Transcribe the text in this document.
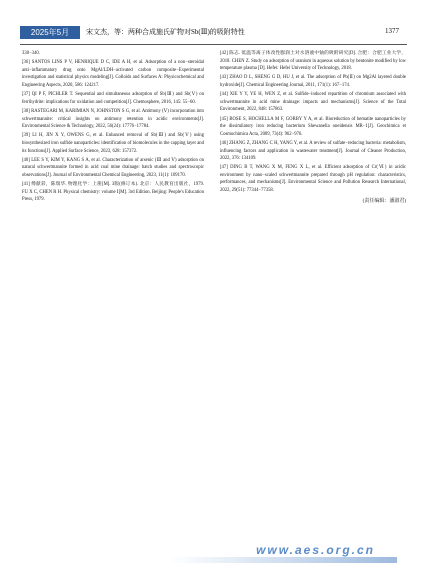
2025年5月	宋文杰，等：两种合成施氏矿物对Sb(Ⅲ)的吸附特性	1377
330−340.
[36] SANTOS LINS P V, HENRIQUE D C, IDE A H, et al. Adsorption of a non−steroidal anti−inflammatory drug onto MgAl/LDH−activated carbon composite−Experimental investigation and statistical physics modeling[J]. Colloids and Surfaces A: Physicochemical and Engineering Aspects, 2020, 586: 124217.
[37] QI P F, PICHLER T. Sequential and simultaneous adsorption of Sb(Ⅲ) and Sb(Ⅴ) on ferrihydrite: implications for oxidation and competition[J]. Chemosphere, 2016, 145: 55−60.
[38] RASTEGARI M, KARIMIAN N, JOHNSTON S G, et al. Antimony (Ⅴ) incorporation into schwertmannite: critical insights on antimony retention in acidic environments[J]. Environmental Science & Technology, 2022, 56(24): 17776−17784.
[39] LI H, JIN X Y, OWENS G, et al. Enhanced removal of Sb(Ⅲ) and Sb(Ⅴ) using biosynthesized iron sulfide nanoparticles: identification of biomolecules in the capping layer and its functions[J]. Applied Surface Science, 2023, 628: 157372.
[40] LEE S Y, KIM Y, KANG S A, et al. Characterization of arsenic (Ⅲ and Ⅴ) adsorption on natural schwertmannite formed in acid coal mine drainage: batch studies and spectroscopic observations[J]. Journal of Environmental Chemical Engineering, 2023, 11(1): 109170.
[41] 傅献彩，陈瑞华. 物理化学：上册[M]. 3版(修订本). 北京：人民教育出版社，1979. FU X C, CHEN R H. Physical chemistry: volume Ⅰ[M]. 3rd Edition. Beijing: People's Education Press, 1979.
[42] 陈志. 低温等离子体改性膨润土对水溶液中铀的吸附研究[D]. 合肥：合肥工业大学，2018. CHEN Z. Study on adsorption of uranium in aqueous solution by bentonite modified by low temperature plasma [D]. Hefei: Hefei University of Technology, 2018.
[43] ZHAO D L, SHENG G D, HU J, et al. The adsorption of Pb(Ⅱ) on Mg2Al layered double hydroxide[J]. Chemical Engineering Journal, 2011, 171(1): 167−174.
[44] XIE Y Y, YE H, WEN Z, et al. Sulfide−induced repartition of chromium associated with schwertmannite in acid mine drainage: impacts and mechanisms[J]. Science of the Total Environment, 2022, 848: 157863.
[45] BOSE S, HOCHELLA M F, GORBY Y A, et al. Bioreduction of hematite nanoparticles by the dissimilatory iron reducing bacterium Shewanella oneidensis MR−1[J]. Geochimica et Cosmochimica Acta, 2009, 73(4): 962−976.
[46] ZHANG Z, ZHANG C H, YANG Y, et al. A review of sulfate−reducing bacteria: metabolism, influencing factors and application in wastewater treatment[J]. Journal of Cleaner Production, 2022, 376: 134109.
[47] DING B T, WANG X M, FENG X L, et al. Efficient adsorption of Cr(Ⅵ) in acidic environment by nano−scaled schwertmannite prepared through pH regulation: characteristics, performances, and mechanisms[J]. Environmental Science and Pollution Research International, 2022, 29(51): 77344−77358.
(责任编辑：潘淑君)
www.aes.org.cn
